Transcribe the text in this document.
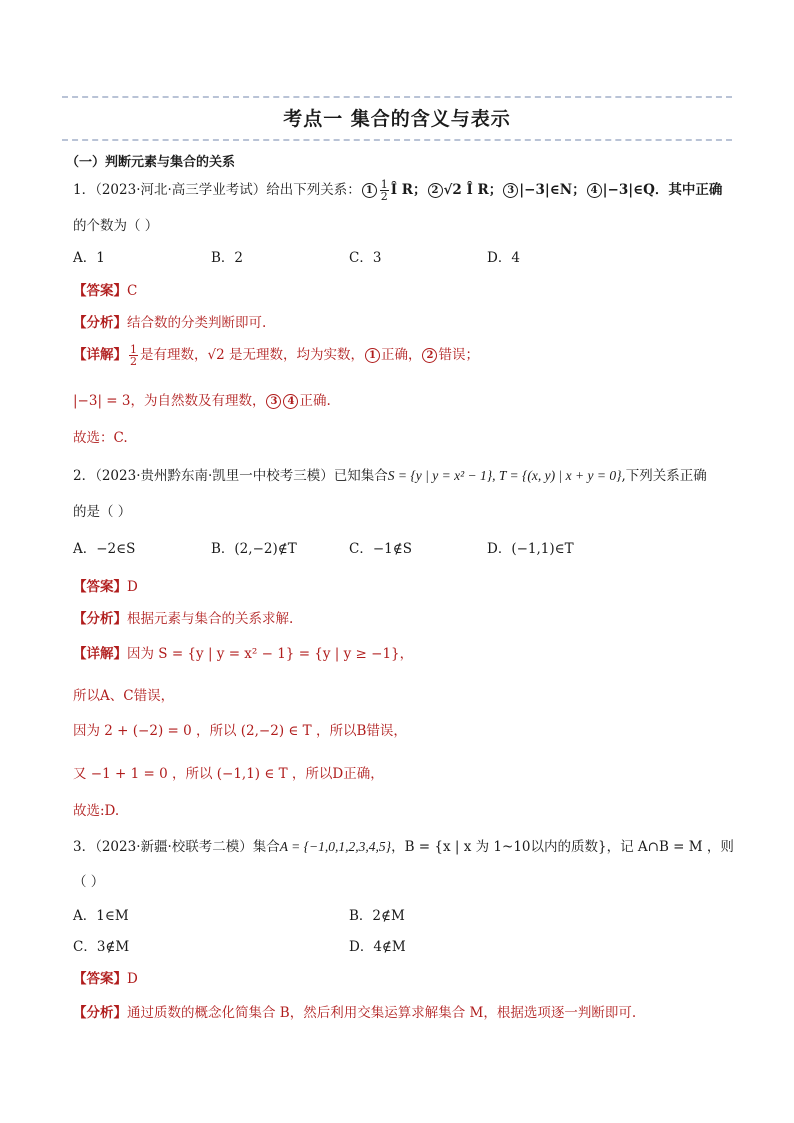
考点一 集合的含义与表示
（一）判断元素与集合的关系
1．（2023·河北·高三学业考试）给出下列关系： $1 \frac{1}{2}$ Î R； 2 √2 Î R； 3 |−3|∈N； 4 |−3|∈Q．其中正确
的个数为（ ）
A．1	B．2	C．3	D．4
【答案】C
【分析】结合数的分类判断即可.
【详解】 $\frac{1}{2}$ 是有理数，√2 是无理数，均为实数， 1 正确， 2 错误；
|−3| = 3，为自然数及有理数， 3 4 正确.
故选：C.
2．（2023·贵州黔东南·凯里一中校考三模）已知集合S = {y | y = x² − 1}, T = {(x, y) | x + y = 0},下列关系正确
的是（ ）
A．−2∈S	B．(2,−2)∉T	C．−1∉S	D．(−1,1)∈T
【答案】D
【分析】根据元素与集合的关系求解.
【详解】因为 S = {y | y = x² − 1} = {y | y ≥ −1}，
所以A、C错误，
因为 2 + (−2) = 0 ，所以 (2,−2) ∈ T ，所以B错误，
又 −1 + 1 = 0 ，所以 (−1,1) ∈ T ，所以D正确，
故选:D.
3．（2023·新疆·校联考二模）集合A = {−1,0,1,2,3,4,5}，B = {x | x 为 1~10以内的质数}，记 A∩B = M ，则
（ ）
A．1∈M	B．2∉M
C．3∉M	D．4∉M
【答案】D
【分析】通过质数的概念化简集合 B，然后利用交集运算求解集合 M，根据选项逐一判断即可.
